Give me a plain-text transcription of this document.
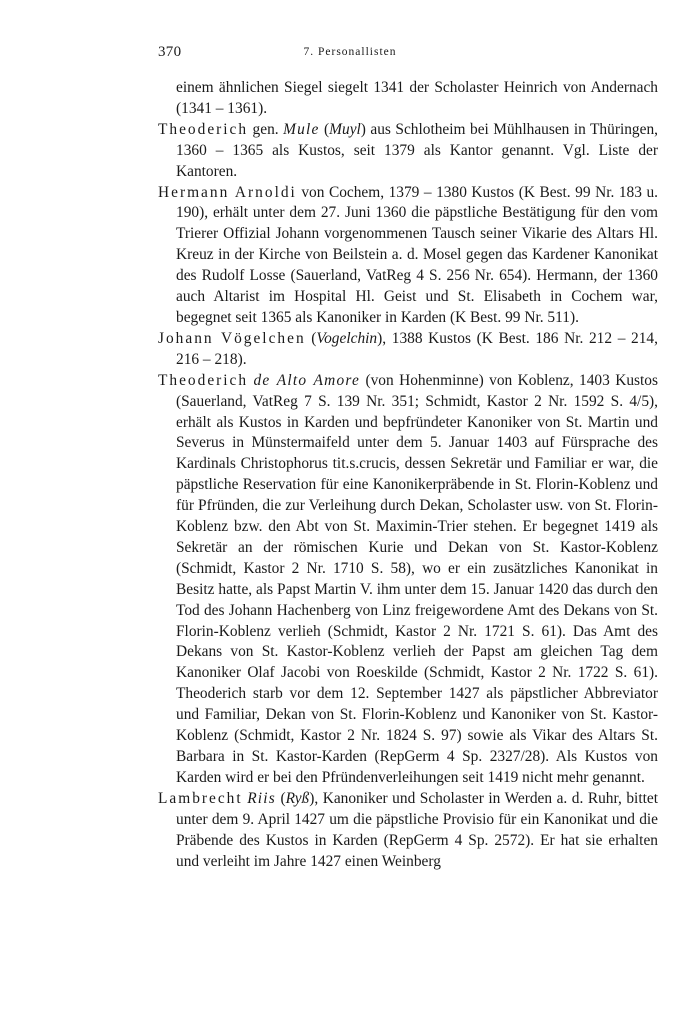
370	7. Personallisten

einem ähnlichen Siegel siegelt 1341 der Scholaster Heinrich von Andernach (1341 – 1361).

Theoderich gen. Mule (Muyl) aus Schlotheim bei Mühlhausen in Thüringen, 1360 – 1365 als Kustos, seit 1379 als Kantor genannt. Vgl. Liste der Kantoren.

Hermann Arnoldi von Cochem, 1379 – 1380 Kustos (K Best. 99 Nr. 183 u. 190), erhält unter dem 27. Juni 1360 die päpstliche Bestätigung für den vom Trierer Offizial Johann vorgenommenen Tausch seiner Vikarie des Altars Hl. Kreuz in der Kirche von Beilstein a. d. Mosel gegen das Kardener Kanonikat des Rudolf Losse (Sauerland, VatReg 4 S. 256 Nr. 654). Hermann, der 1360 auch Altarist im Hospital Hl. Geist und St. Elisabeth in Cochem war, begegnet seit 1365 als Kanoniker in Karden (K Best. 99 Nr. 511).

Johann Vögelchen (Vogelchin), 1388 Kustos (K Best. 186 Nr. 212 – 214, 216 – 218).

Theoderich de Alto Amore (von Hohenminne) von Koblenz, 1403 Kustos (Sauerland, VatReg 7 S. 139 Nr. 351; Schmidt, Kastor 2 Nr. 1592 S. 4/5), erhält als Kustos in Karden und bepfründeter Kanoniker von St. Martin und Severus in Münstermaifeld unter dem 5. Januar 1403 auf Fürsprache des Kardinals Christophorus tit.s.crucis, dessen Sekretär und Familiar er war, die päpstliche Reservation für eine Kanonikerpräbende in St. Florin-Koblenz und für Pfründen, die zur Verleihung durch Dekan, Scholaster usw. von St. Florin-Koblenz bzw. den Abt von St. Maximin-Trier stehen. Er begegnet 1419 als Sekretär an der römischen Kurie und Dekan von St. Kastor-Koblenz (Schmidt, Kastor 2 Nr. 1710 S. 58), wo er ein zusätzliches Kanonikat in Besitz hatte, als Papst Martin V. ihm unter dem 15. Januar 1420 das durch den Tod des Johann Hachenberg von Linz freigewordene Amt des Dekans von St. Florin-Koblenz verlieh (Schmidt, Kastor 2 Nr. 1721 S. 61). Das Amt des Dekans von St. Kastor-Koblenz verlieh der Papst am gleichen Tag dem Kanoniker Olaf Jacobi von Roeskilde (Schmidt, Kastor 2 Nr. 1722 S. 61). Theoderich starb vor dem 12. September 1427 als päpstlicher Abbreviator und Familiar, Dekan von St. Florin-Koblenz und Kanoniker von St. Kastor-Koblenz (Schmidt, Kastor 2 Nr. 1824 S. 97) sowie als Vikar des Altars St. Barbara in St. Kastor-Karden (RepGerm 4 Sp. 2327/28). Als Kustos von Karden wird er bei den Pfründenverleihungen seit 1419 nicht mehr genannt.

Lambrecht Riis (Ryß), Kanoniker und Scholaster in Werden a. d. Ruhr, bittet unter dem 9. April 1427 um die päpstliche Provisio für ein Kanonikat und die Präbende des Kustos in Karden (RepGerm 4 Sp. 2572). Er hat sie erhalten und verleiht im Jahre 1427 einen Weinberg
